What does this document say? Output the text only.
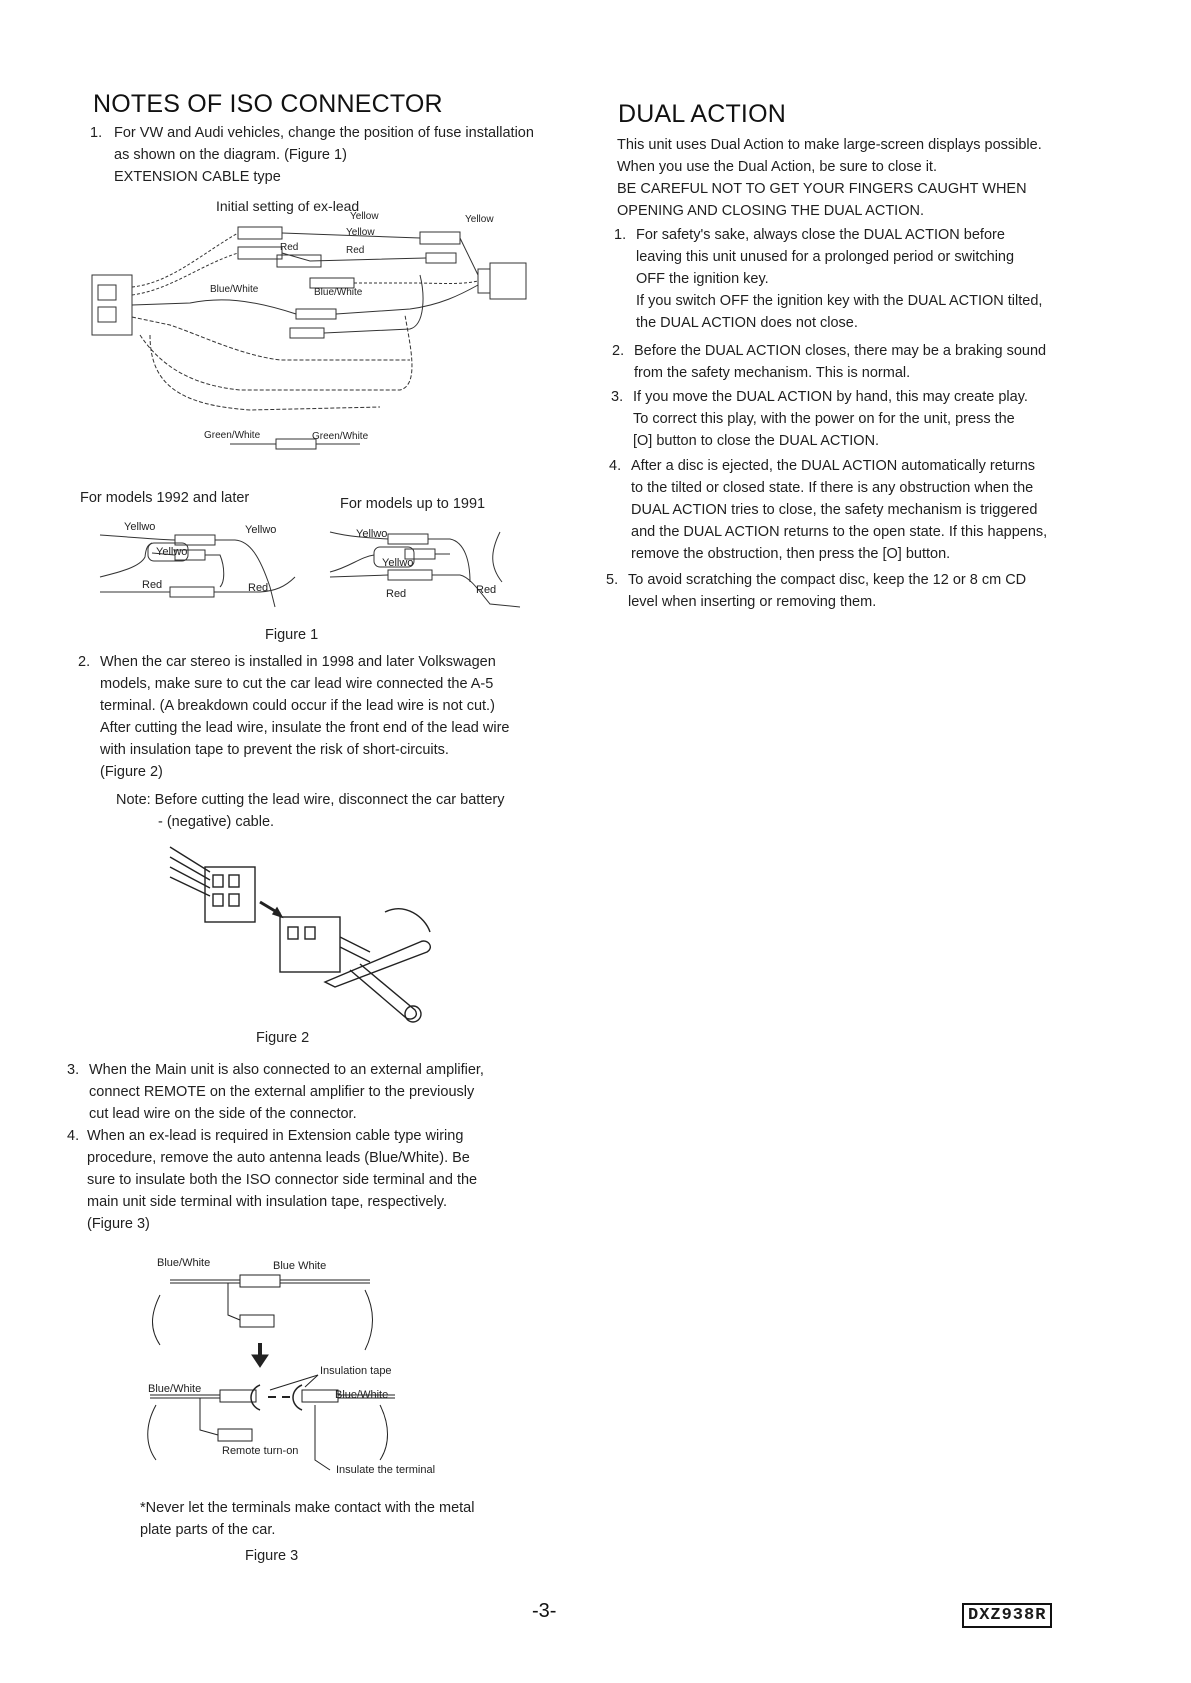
NOTES OF ISO CONNECTOR
1. For VW and Audi vehicles, change the position of fuse installation
as shown on the diagram. (Figure 1)
EXTENSION CABLE type
Initial setting of ex-lead
Yellow	Yellow
Yellow
Red	Red
Blue/White	Blue/White
Green/White	Green/White
For models 1992 and later	For models up to 1991
Yellwo	Yellwo
Yellwo
Red	Red
Yellwo
Yellwo
Red	Red
Figure 1
2. When the car stereo is installed in 1998 and later Volkswagen
models, make sure to cut the car lead wire connected the A-5
terminal. (A breakdown could occur if the lead wire is not cut.)
After cutting the lead wire, insulate the front end of the lead wire
with insulation tape to prevent the risk of short-circuits.
(Figure 2)
Note: Before cutting the lead wire, disconnect the car battery
- (negative) cable.
Figure 2
3. When the Main unit is also connected to an external amplifier,
connect REMOTE on the external amplifier to the previously
cut lead wire on the side of the connector.
4. When an ex-lead is required in Extension cable type wiring
procedure, remove the auto antenna leads (Blue/White). Be
sure to insulate both the ISO connector side terminal and the
main unit side terminal with insulation tape, respectively.
(Figure 3)
Blue/White	Blue White
Insulation tape
Blue/White	Blue/White
Remote turn-on
Insulate the terminal
*Never let the terminals make contact with the metal
plate parts of the car.
Figure 3
DUAL ACTION
This unit uses Dual Action to make large-screen displays possible.
When you use the Dual Action, be sure to close it.
BE CAREFUL NOT TO GET YOUR FINGERS CAUGHT WHEN
OPENING AND CLOSING THE DUAL ACTION.
1. For safety's sake, always close the DUAL ACTION before
leaving this unit unused for a prolonged period or switching
OFF the ignition key.
If you switch OFF the ignition key with the DUAL ACTION tilted,
the DUAL ACTION does not close.
2. Before the DUAL ACTION closes, there may be a braking sound
from the safety mechanism. This is normal.
3. If you move the DUAL ACTION by hand, this may create play.
To correct this play, with the power on for the unit, press the
[O] button to close the DUAL ACTION.
4. After a disc is ejected, the DUAL ACTION automatically returns
to the tilted or closed state. If there is any obstruction when the
DUAL ACTION tries to close, the safety mechanism is triggered
and the DUAL ACTION returns to the open state. If this happens,
remove the obstruction, then press the [O] button.
5. To avoid scratching the compact disc, keep the 12 or 8 cm CD
level when inserting or removing them.
-3-	DXZ938R
